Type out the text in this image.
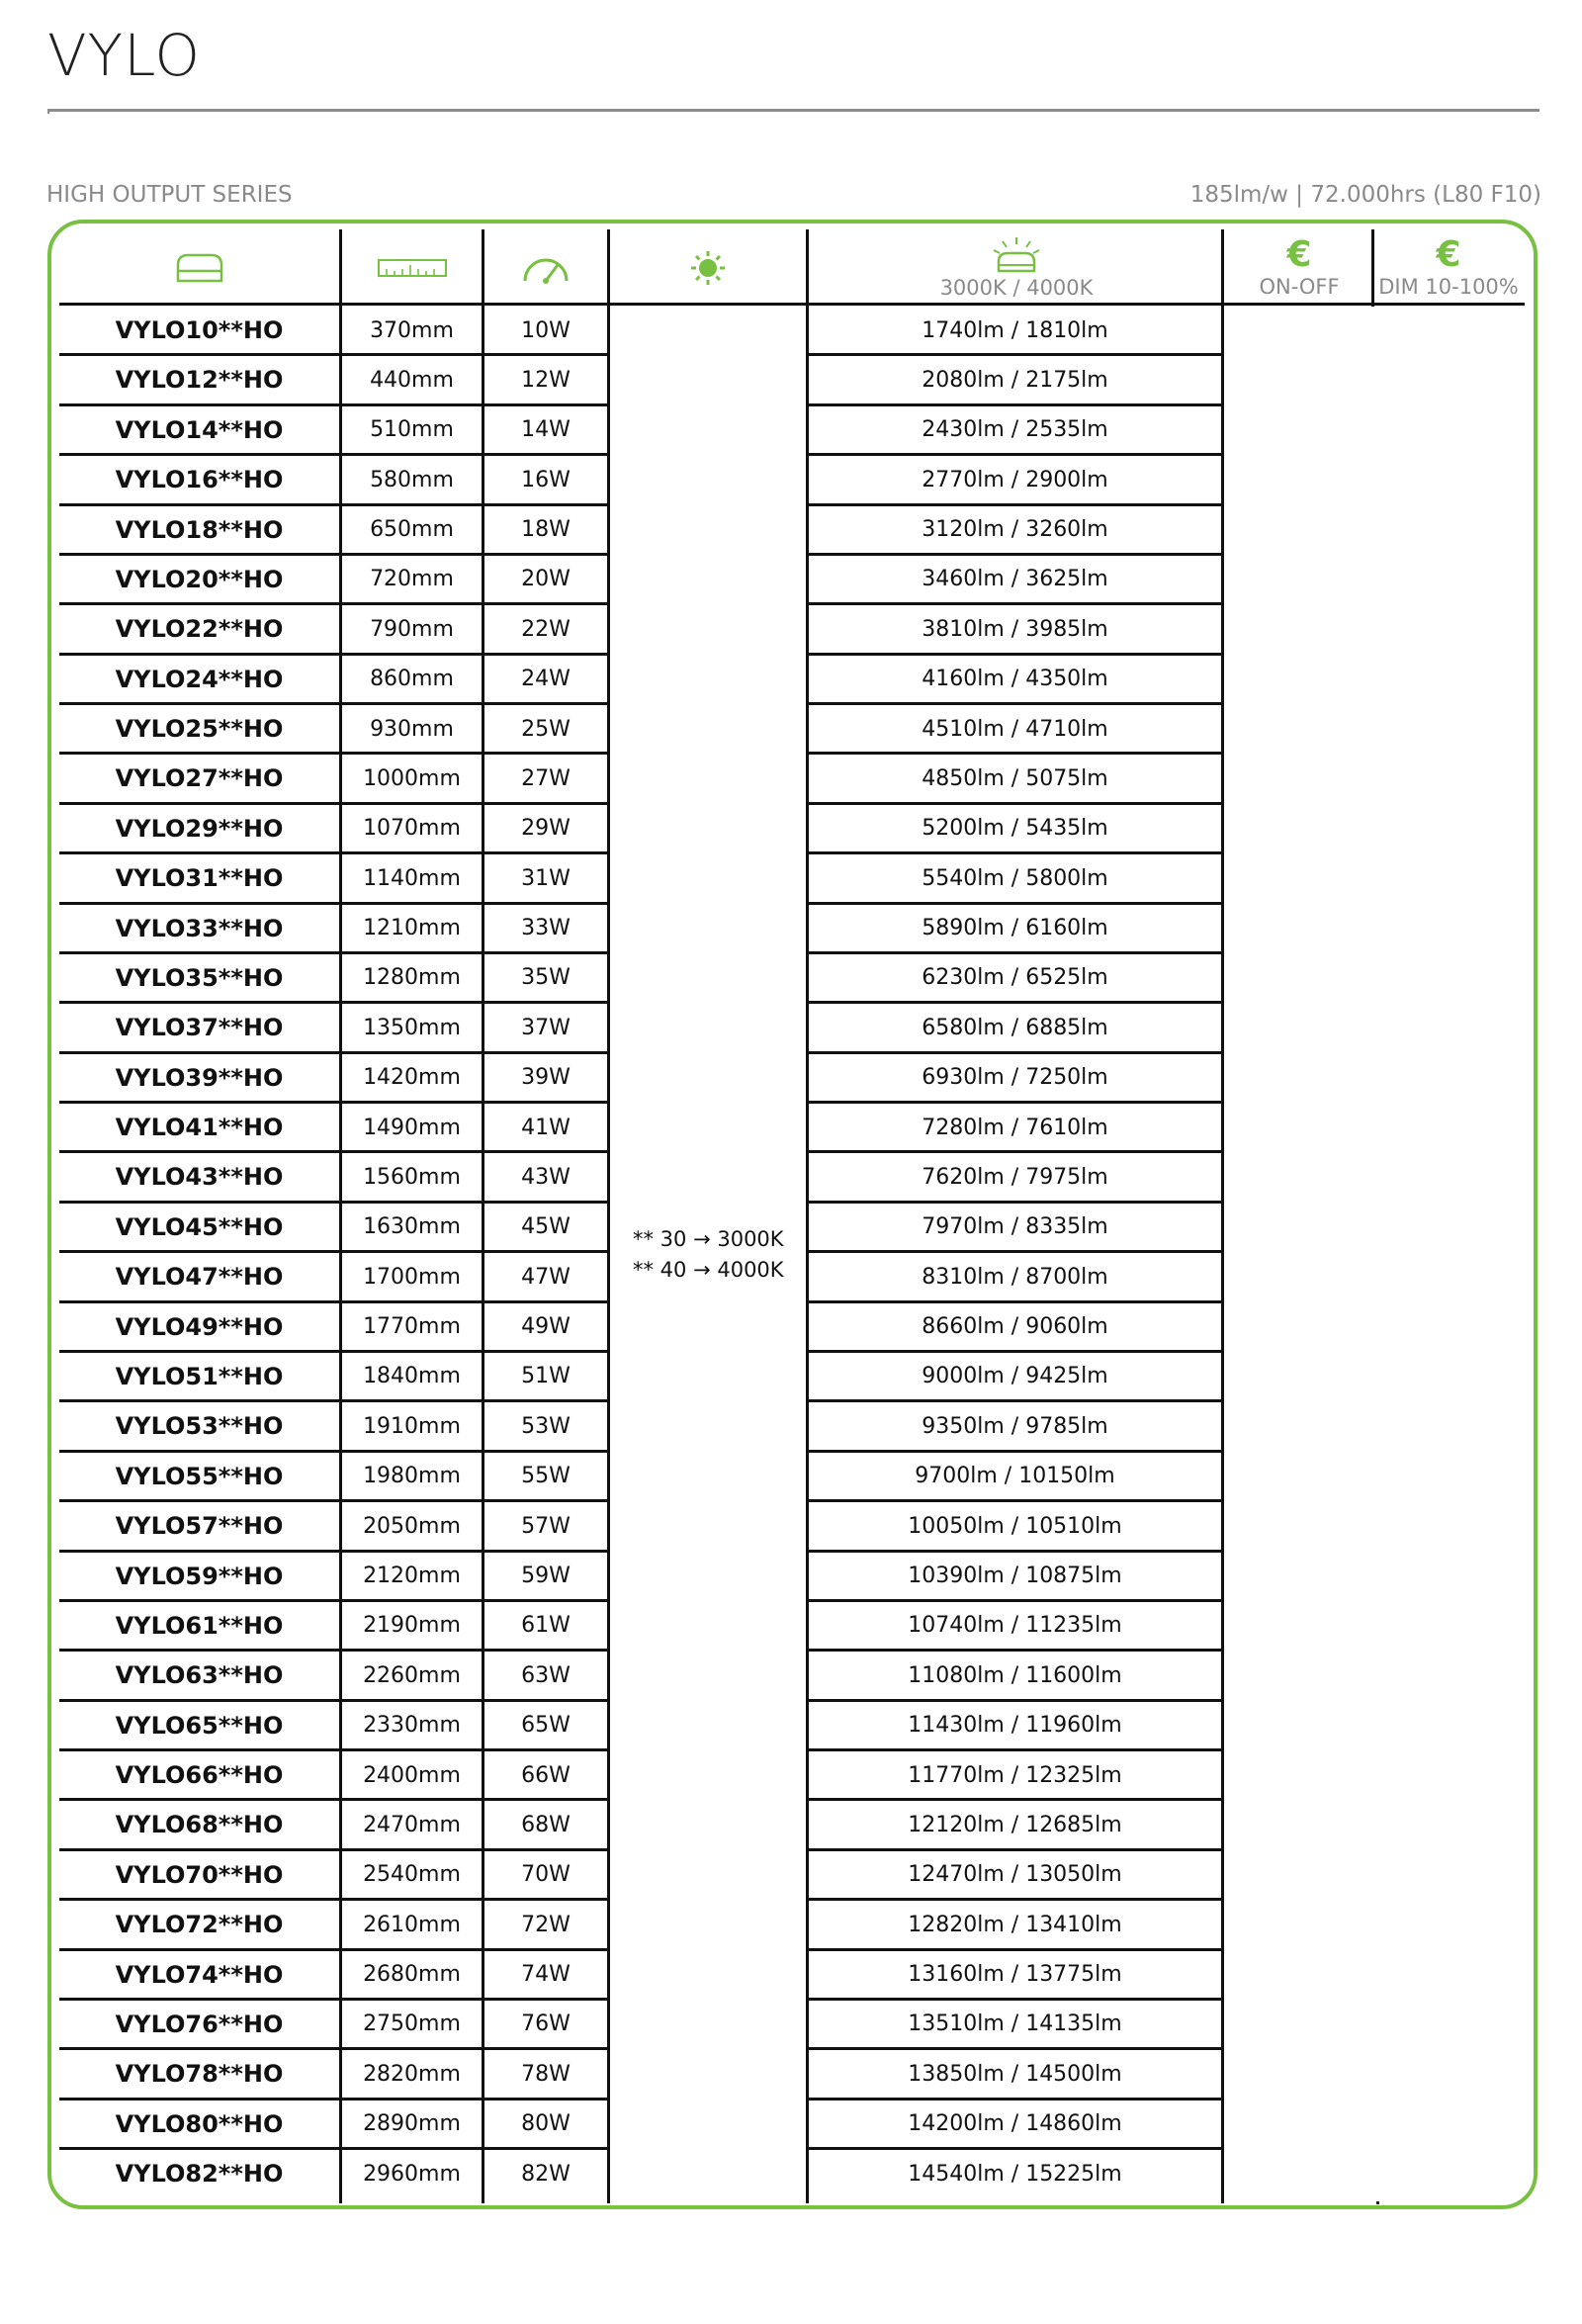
VYLO
HIGH OUTPUT SERIES	185lm/w | 72.000hrs (L80 F10)
3000K / 4000K
€
ON-OFF
€
DIM 10-100%
VYLO10**HO	370mm	10W	1740lm / 1810lm
VYLO12**HO	440mm	12W	2080lm / 2175lm
VYLO14**HO	510mm	14W	2430lm / 2535lm
VYLO16**HO	580mm	16W	2770lm / 2900lm
VYLO18**HO	650mm	18W	3120lm / 3260lm
VYLO20**HO	720mm	20W	3460lm / 3625lm
VYLO22**HO	790mm	22W	3810lm / 3985lm
VYLO24**HO	860mm	24W	4160lm / 4350lm
VYLO25**HO	930mm	25W	4510lm / 4710lm
VYLO27**HO	1000mm	27W	4850lm / 5075lm
VYLO29**HO	1070mm	29W	5200lm / 5435lm
VYLO31**HO	1140mm	31W	5540lm / 5800lm
VYLO33**HO	1210mm	33W	5890lm / 6160lm
VYLO35**HO	1280mm	35W	6230lm / 6525lm
VYLO37**HO	1350mm	37W	6580lm / 6885lm
VYLO39**HO	1420mm	39W	6930lm / 7250lm
VYLO41**HO	1490mm	41W	7280lm / 7610lm
VYLO43**HO	1560mm	43W	7620lm / 7975lm
VYLO45**HO	1630mm	45W	7970lm / 8335lm
VYLO47**HO	1700mm	47W	8310lm / 8700lm
VYLO49**HO	1770mm	49W	8660lm / 9060lm
VYLO51**HO	1840mm	51W	9000lm / 9425lm
VYLO53**HO	1910mm	53W	9350lm / 9785lm
VYLO55**HO	1980mm	55W	9700lm / 10150lm
VYLO57**HO	2050mm	57W	10050lm / 10510lm
VYLO59**HO	2120mm	59W	10390lm / 10875lm
VYLO61**HO	2190mm	61W	10740lm / 11235lm
VYLO63**HO	2260mm	63W	11080lm / 11600lm
VYLO65**HO	2330mm	65W	11430lm / 11960lm
VYLO66**HO	2400mm	66W	11770lm / 12325lm
VYLO68**HO	2470mm	68W	12120lm / 12685lm
VYLO70**HO	2540mm	70W	12470lm / 13050lm
VYLO72**HO	2610mm	72W	12820lm / 13410lm
VYLO74**HO	2680mm	74W	13160lm / 13775lm
VYLO76**HO	2750mm	76W	13510lm / 14135lm
VYLO78**HO	2820mm	78W	13850lm / 14500lm
VYLO80**HO	2890mm	80W	14200lm / 14860lm
VYLO82**HO	2960mm	82W	14540lm / 15225lm
** 30 → 3000K
** 40 → 4000K
